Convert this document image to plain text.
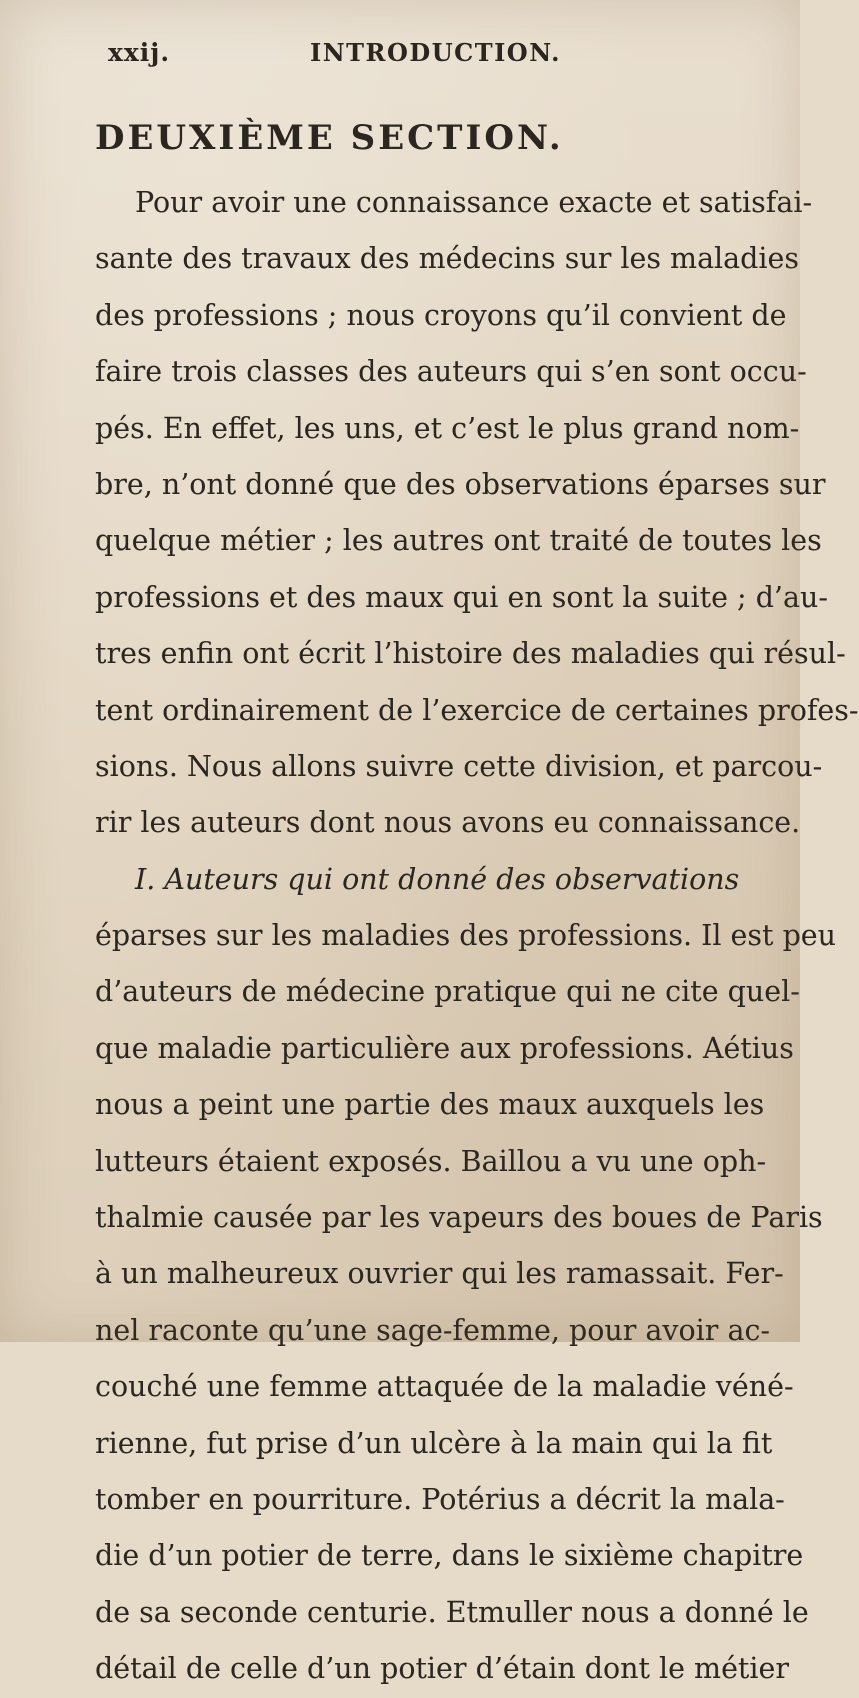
xxij.	INTRODUCTION.
DEUXIÈME SECTION.
Pour avoir une connaissance exacte et satisfai-
sante des travaux des médecins sur les maladies
des professions ; nous croyons qu’il convient de
faire trois classes des auteurs qui s’en sont occu-
pés. En effet, les uns, et c’est le plus grand nom-
bre, n’ont donné que des observations éparses sur
quelque métier ; les autres ont traité de toutes les
professions et des maux qui en sont la suite ; d’au-
tres enfin ont écrit l’histoire des maladies qui résul-
tent ordinairement de l’exercice de certaines profes-
sions. Nous allons suivre cette division, et parcou-
rir les auteurs dont nous avons eu connaissance.
I. Auteurs qui ont donné des observations
éparses sur les maladies des professions. Il est peu
d’auteurs de médecine pratique qui ne cite quel-
que maladie particulière aux professions. Aétius
nous a peint une partie des maux auxquels les
lutteurs étaient exposés. Baillou a vu une oph-
thalmie causée par les vapeurs des boues de Paris
à un malheureux ouvrier qui les ramassait. Fer-
nel raconte qu’une sage-femme, pour avoir ac-
couché une femme attaquée de la maladie véné-
rienne, fut prise d’un ulcère à la main qui la fit
tomber en pourriture. Potérius a décrit la mala-
die d’un potier de terre, dans le sixième chapitre
de sa seconde centurie. Etmuller nous a donné le
détail de celle d’un potier d’étain dont le métier
